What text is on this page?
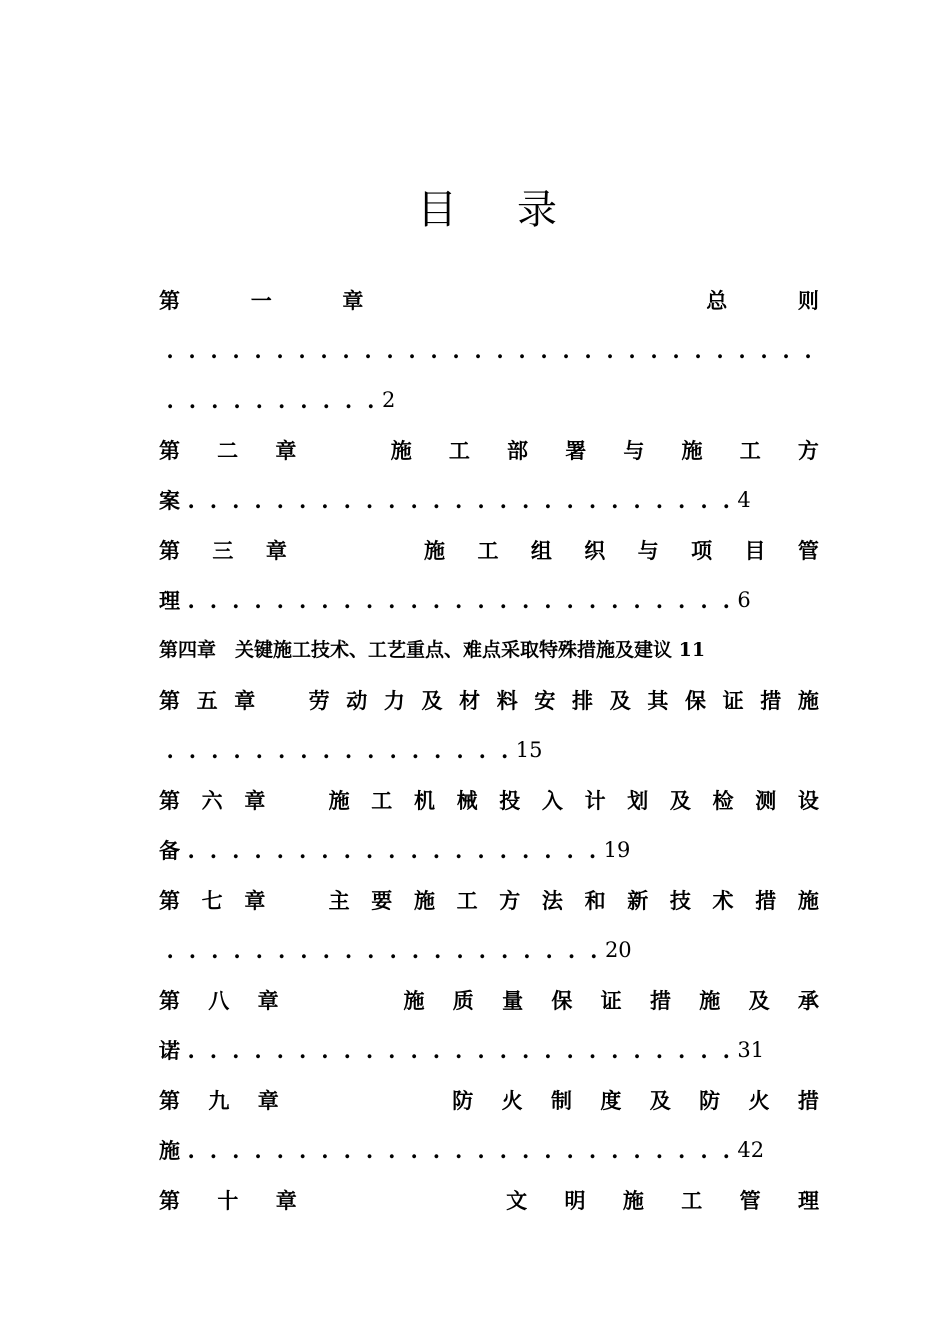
目 录
第	一	章	总	则
. . . . . . . . . . . . . . . . . . . . . . . . . . . . . .
. . . . . . . . . . 2
第 二 章	施 工 部 署 与 施 工 方
案 . . . . . . . . . . . . . . . . . . . . . . . . . 4
第 三 章	施 工 组 织 与 项 目 管
理 . . . . . . . . . . . . . . . . . . . . . . . . . 6
第四章　关键施工技术、工艺重点、难点采取特殊措施及建议 11
第 五 章	劳 动 力 及 材 料 安 排 及 其 保 证 措 施
. . . . . . . . . . . . . . . . 15
第 六 章	施 工 机 械 投 入 计 划 及 检 测 设
备 . . . . . . . . . . . . . . . . . . . 19
第 七 章	主 要 施 工 方 法 和 新 技 术 措 施
. . . . . . . . . . . . . . . . . . . . 20
第 八 章	施 质 量 保 证 措 施 及 承
诺 . . . . . . . . . . . . . . . . . . . . . . . . . 31
第 九 章	防 火 制 度 及 防 火 措
施 . . . . . . . . . . . . . . . . . . . . . . . . . 42
第 十 章	文 明 施 工 管 理
